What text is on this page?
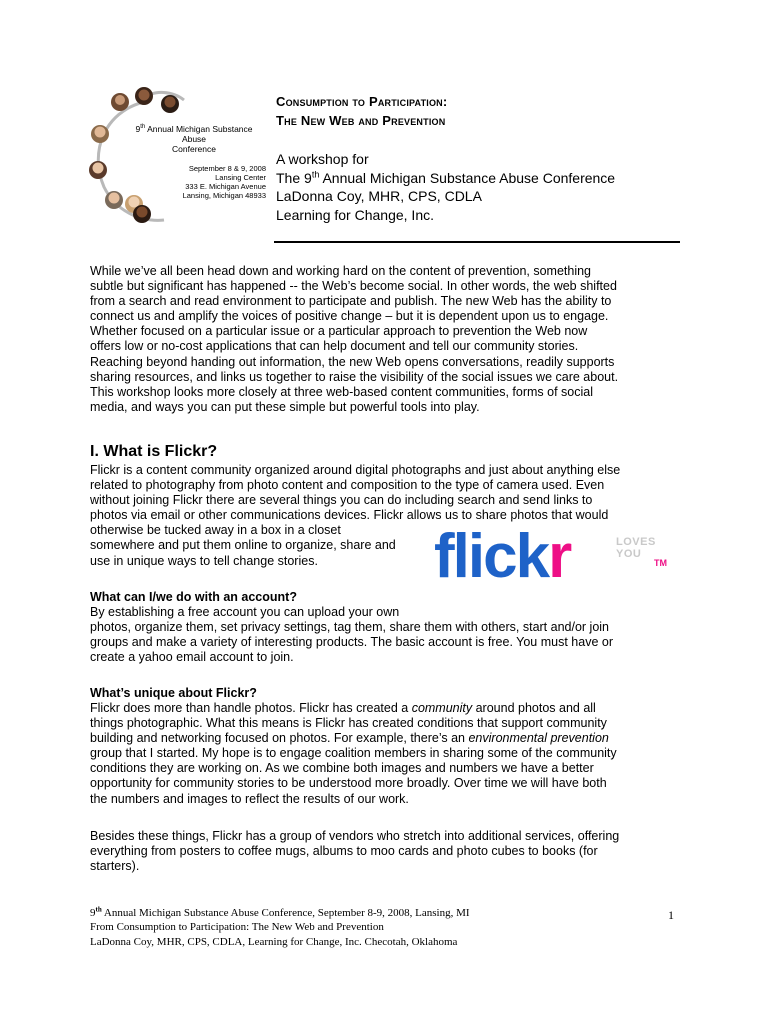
9th Annual Michigan Substance Abuse
Conference
September 8 & 9, 2008
Lansing Center
333 E. Michigan Avenue
Lansing, Michigan 48933
Consumption to Participation:
The New Web and Prevention
A workshop for
The 9th Annual Michigan Substance Abuse Conference
LaDonna Coy, MHR, CPS, CDLA
Learning for Change, Inc.
While we’ve all been head down and working hard on the content of prevention, something
subtle but significant has happened -- the Web’s become social. In other words, the web shifted
from a search and read environment to participate and publish. The new Web has the ability to
connect us and amplify the voices of positive change – but it is dependent upon us to engage.
Whether focused on a particular issue or a particular approach to prevention the Web now
offers low or no-cost applications that can help document and tell our community stories.
Reaching beyond handing out information, the new Web opens conversations, readily supports
sharing resources, and links us together to raise the visibility of the social issues we care about.
This workshop looks more closely at three web-based content communities, forms of social
media, and ways you can put these simple but powerful tools into play.
I. What is Flickr?
Flickr is a content community organized around digital photographs and just about anything else
related to photography from photo content and composition to the type of camera used. Even
without joining Flickr there are several things you can do including search and send links to
photos via email or other communications devices. Flickr allows us to share photos that would
otherwise be tucked away in a box in a closet
somewhere and put them online to organize, share and
use in unique ways to tell change stories.	flickr	LOVES YOU
TM
What can I/we do with an account?
By establishing a free account you can upload your own
photos, organize them, set privacy settings, tag them, share them with others, start and/or join
groups and make a variety of interesting products. The basic account is free. You must have or
create a yahoo email account to join.
What’s unique about Flickr?
Flickr does more than handle photos. Flickr has created a community around photos and all
things photographic. What this means is Flickr has created conditions that support community
building and networking focused on photos. For example, there’s an environmental prevention
group that I started. My hope is to engage coalition members in sharing some of the community
conditions they are working on. As we combine both images and numbers we have a better
opportunity for community stories to be understood more broadly. Over time we will have both
the numbers and images to reflect the results of our work.
Besides these things, Flickr has a group of vendors who stretch into additional services, offering
everything from posters to coffee mugs, albums to moo cards and photo cubes to books (for
starters).
9th Annual Michigan Substance Abuse Conference, September 8-9, 2008, Lansing, MI
From Consumption to Participation: The New Web and Prevention
LaDonna Coy, MHR, CPS, CDLA, Learning for Change, Inc. Checotah, Oklahoma
1
